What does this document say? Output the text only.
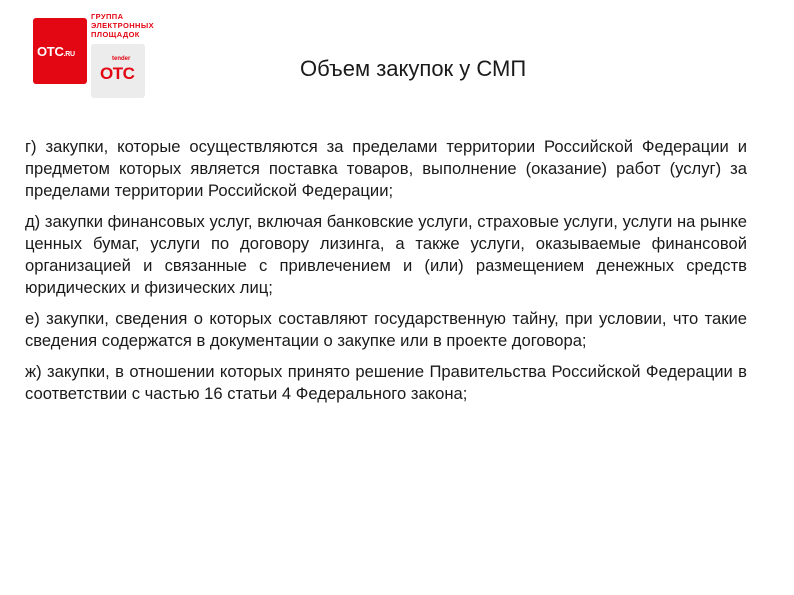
OTC.RU
ГРУППА
ЭЛЕКТРОННЫХ
ПЛОЩАДОК
tender
OTC	Объем закупок у СМП

г) закупки, которые осуществляются за пределами территории Российской Федерации и предметом которых является поставка товаров, выполнение (оказание) работ (услуг) за пределами территории Российской Федерации;

д) закупки финансовых услуг, включая банковские услуги, страховые услуги, услуги на рынке ценных бумаг, услуги по договору лизинга, а также услуги, оказываемые финансовой организацией и связанные с привлечением и (или) размещением денежных средств юридических и физических лиц;

е) закупки, сведения о которых составляют государственную тайну, при условии, что такие сведения содержатся в документации о закупке или в проекте договора;

ж) закупки, в отношении которых принято решение Правительства Российской Федерации в соответствии с частью 16 статьи 4 Федерального закона;
